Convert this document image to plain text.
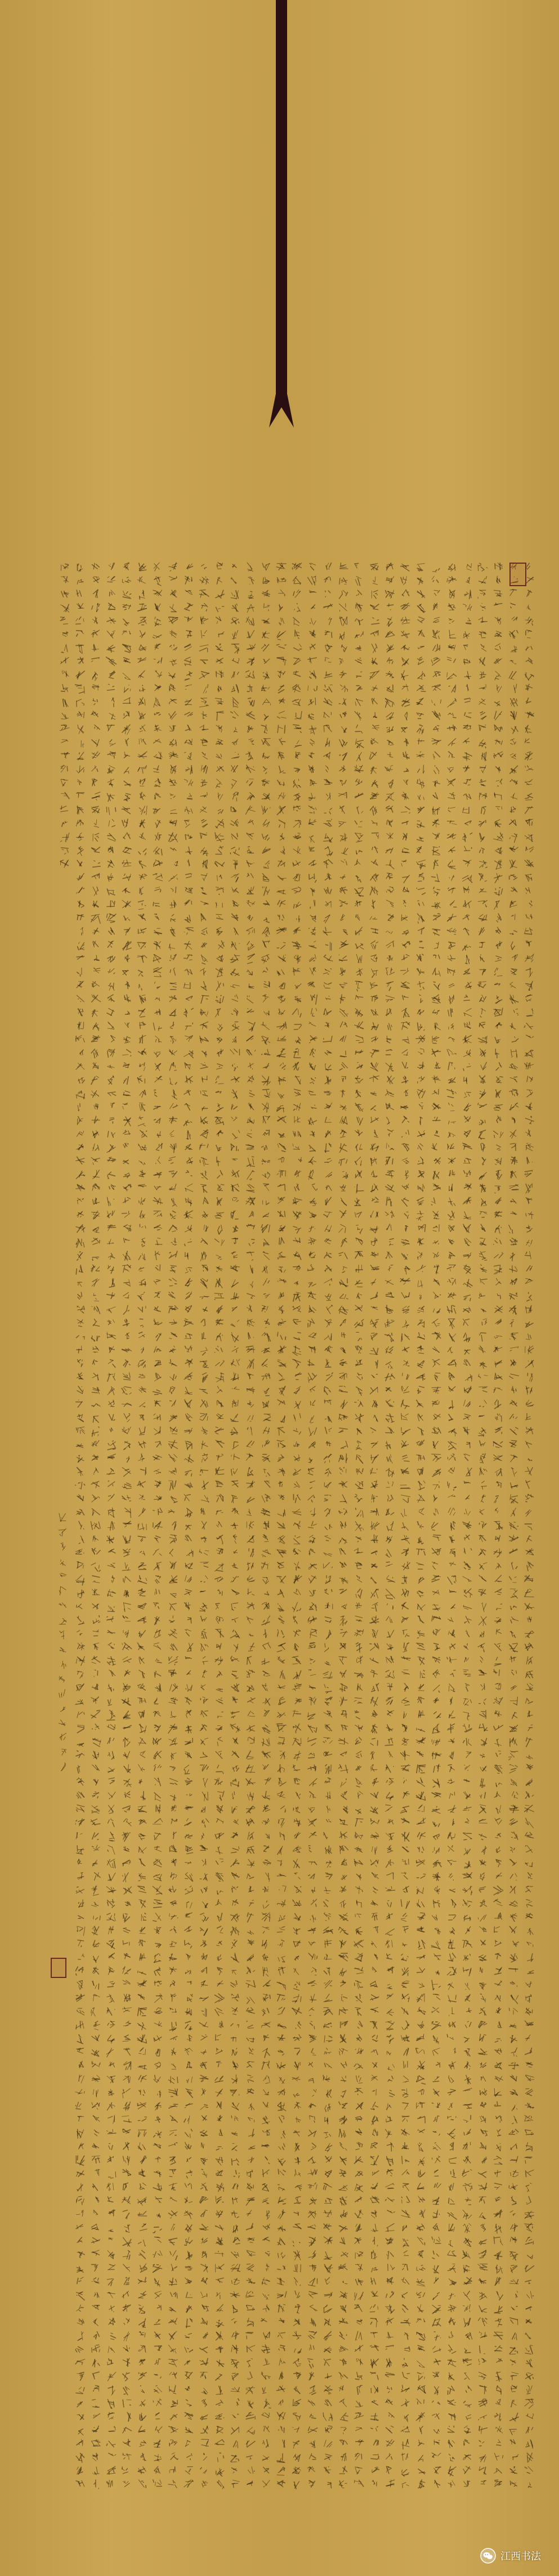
江西书法
